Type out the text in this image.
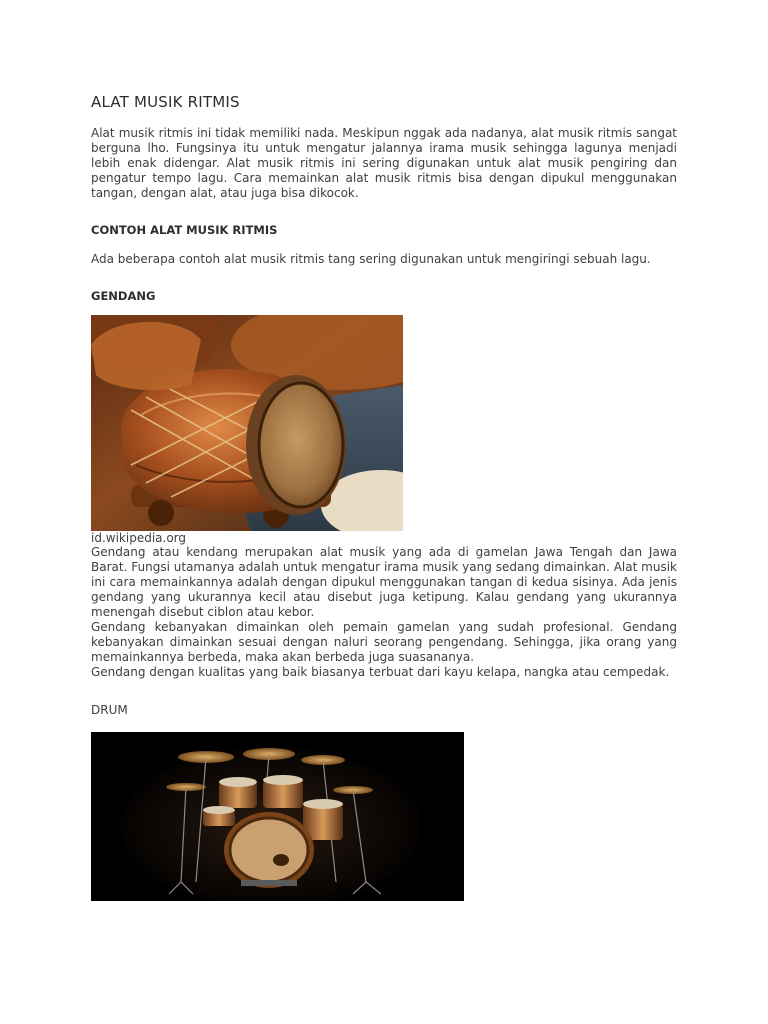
ALAT MUSIK RITMIS

Alat musik ritmis ini tidak memiliki nada. Meskipun nggak ada nadanya, alat musik ritmis sangat berguna lho. Fungsinya itu untuk mengatur jalannya irama musik sehingga lagunya menjadi lebih enak didengar. Alat musik ritmis ini sering digunakan untuk alat musik pengiring dan pengatur tempo lagu. Cara memainkan alat musik ritmis bisa dengan dipukul menggunakan tangan, dengan alat, atau juga bisa dikocok.

CONTOH ALAT MUSIK RITMIS

Ada beberapa contoh alat musik ritmis tang sering digunakan untuk mengiringi sebuah lagu.

GENDANG
id.wikipedia.org

Gendang atau kendang merupakan alat musik yang ada di gamelan Jawa Tengah dan Jawa Barat. Fungsi utamanya adalah untuk mengatur irama musik yang sedang dimainkan. Alat musik ini cara memainkannya adalah dengan dipukul menggunakan tangan di kedua sisinya. Ada jenis gendang yang ukurannya kecil atau disebut juga ketipung. Kalau gendang yang ukurannya menengah disebut ciblon atau kebor.

Gendang kebanyakan dimainkan oleh pemain gamelan yang sudah profesional. Gendang kebanyakan dimainkan sesuai dengan naluri seorang pengendang. Sehingga, jika orang yang memainkannya berbeda, maka akan berbeda juga suasananya.

Gendang dengan kualitas yang baik biasanya terbuat dari kayu kelapa, nangka atau cempedak.

DRUM
